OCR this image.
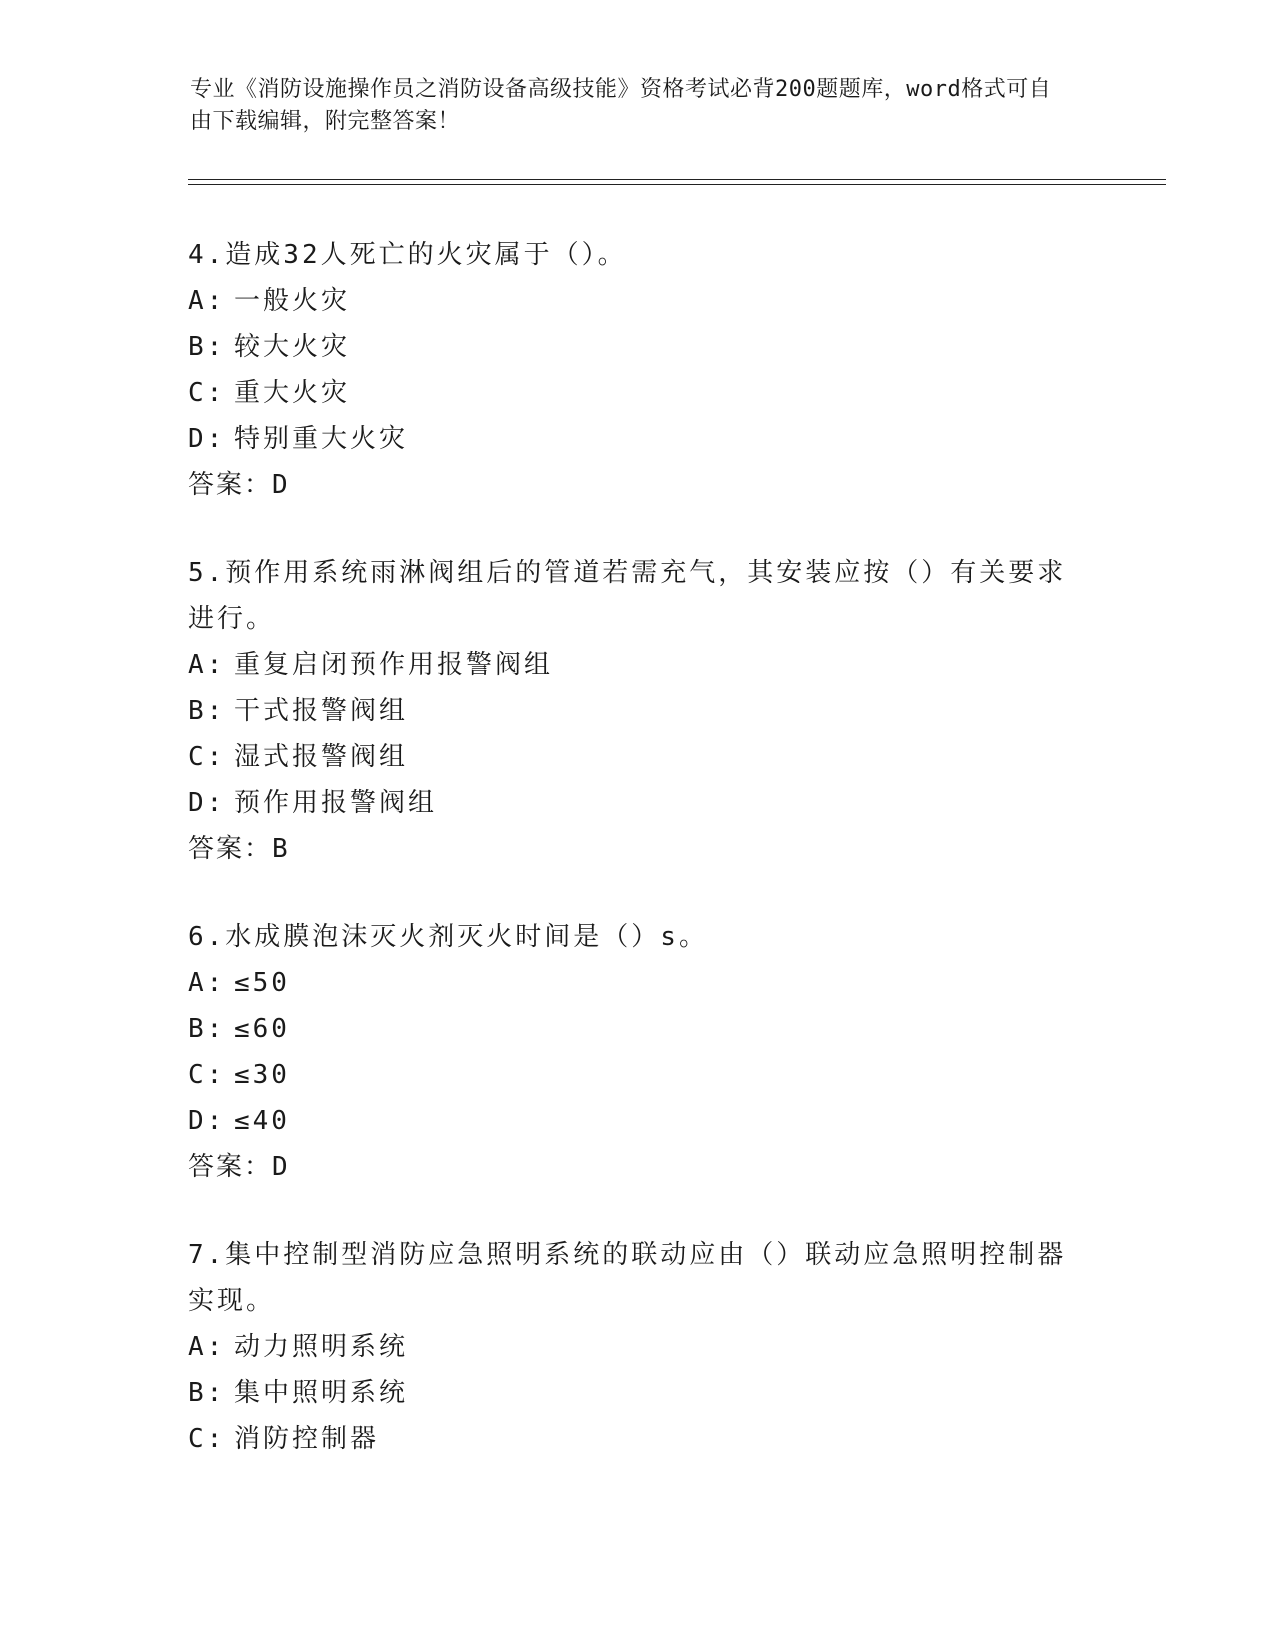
专业《消防设施操作员之消防设备高级技能》资格考试必背200题题库，word格式可自由下载编辑，附完整答案！

4.造成32人死亡的火灾属于（）。

A: 一般火灾

B: 较大火灾

C: 重大火灾

D: 特别重大火灾

答案：D

5.预作用系统雨淋阀组后的管道若需充气，其安装应按（）有关要求进行。

A: 重复启闭预作用报警阀组

B: 干式报警阀组

C: 湿式报警阀组

D: 预作用报警阀组

答案：B

6.水成膜泡沫灭火剂灭火时间是（）s。

A: ≤50

B: ≤60

C: ≤30

D: ≤40

答案：D

7.集中控制型消防应急照明系统的联动应由（）联动应急照明控制器实现。

A: 动力照明系统

B: 集中照明系统

C: 消防控制器
